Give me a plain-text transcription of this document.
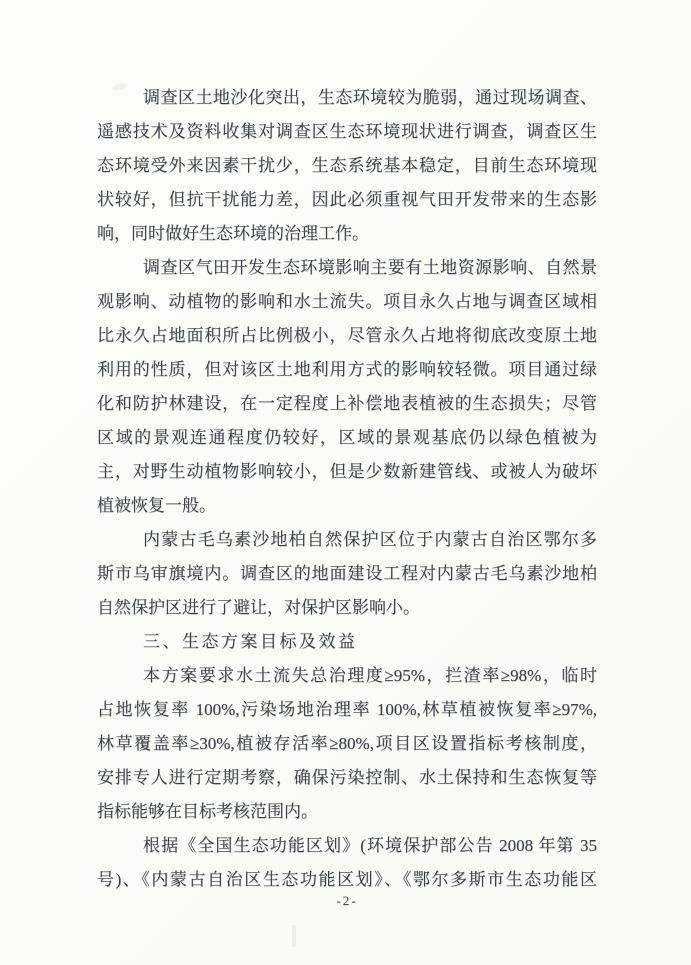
调查区土地沙化突出，生态环境较为脆弱，通过现场调查、
遥感技术及资料收集对调查区生态环境现状进行调查，调查区生
态环境受外来因素干扰少，生态系统基本稳定，目前生态环境现
状较好，但抗干扰能力差，因此必须重视气田开发带来的生态影
响，同时做好生态环境的治理工作。
调查区气田开发生态环境影响主要有土地资源影响、自然景
观影响、动植物的影响和水土流失。项目永久占地与调查区域相
比永久占地面积所占比例极小，尽管永久占地将彻底改变原土地
利用的性质，但对该区土地利用方式的影响较轻微。项目通过绿
化和防护林建设，在一定程度上补偿地表植被的生态损失；尽管
区域的景观连通程度仍较好，区域的景观基底仍以绿色植被为
主，对野生动植物影响较小，但是少数新建管线、或被人为破坏
植被恢复一般。
内蒙古毛乌素沙地柏自然保护区位于内蒙古自治区鄂尔多
斯市乌审旗境内。调查区的地面建设工程对内蒙古毛乌素沙地柏
自然保护区进行了避让，对保护区影响小。
三、生态方案目标及效益
本方案要求水土流失总治理度≥95%，拦渣率≥98%，临时
占地恢复率 100%,污染场地治理率 100%,林草植被恢复率≥97%,
林草覆盖率≥30%,植被存活率≥80%,项目区设置指标考核制度，
安排专人进行定期考察，确保污染控制、水土保持和生态恢复等
指标能够在目标考核范围内。
根据《全国生态功能区划》(环境保护部公告 2008 年第 35
号)、《内蒙古自治区生态功能区划》、《鄂尔多斯市生态功能区
-2-
